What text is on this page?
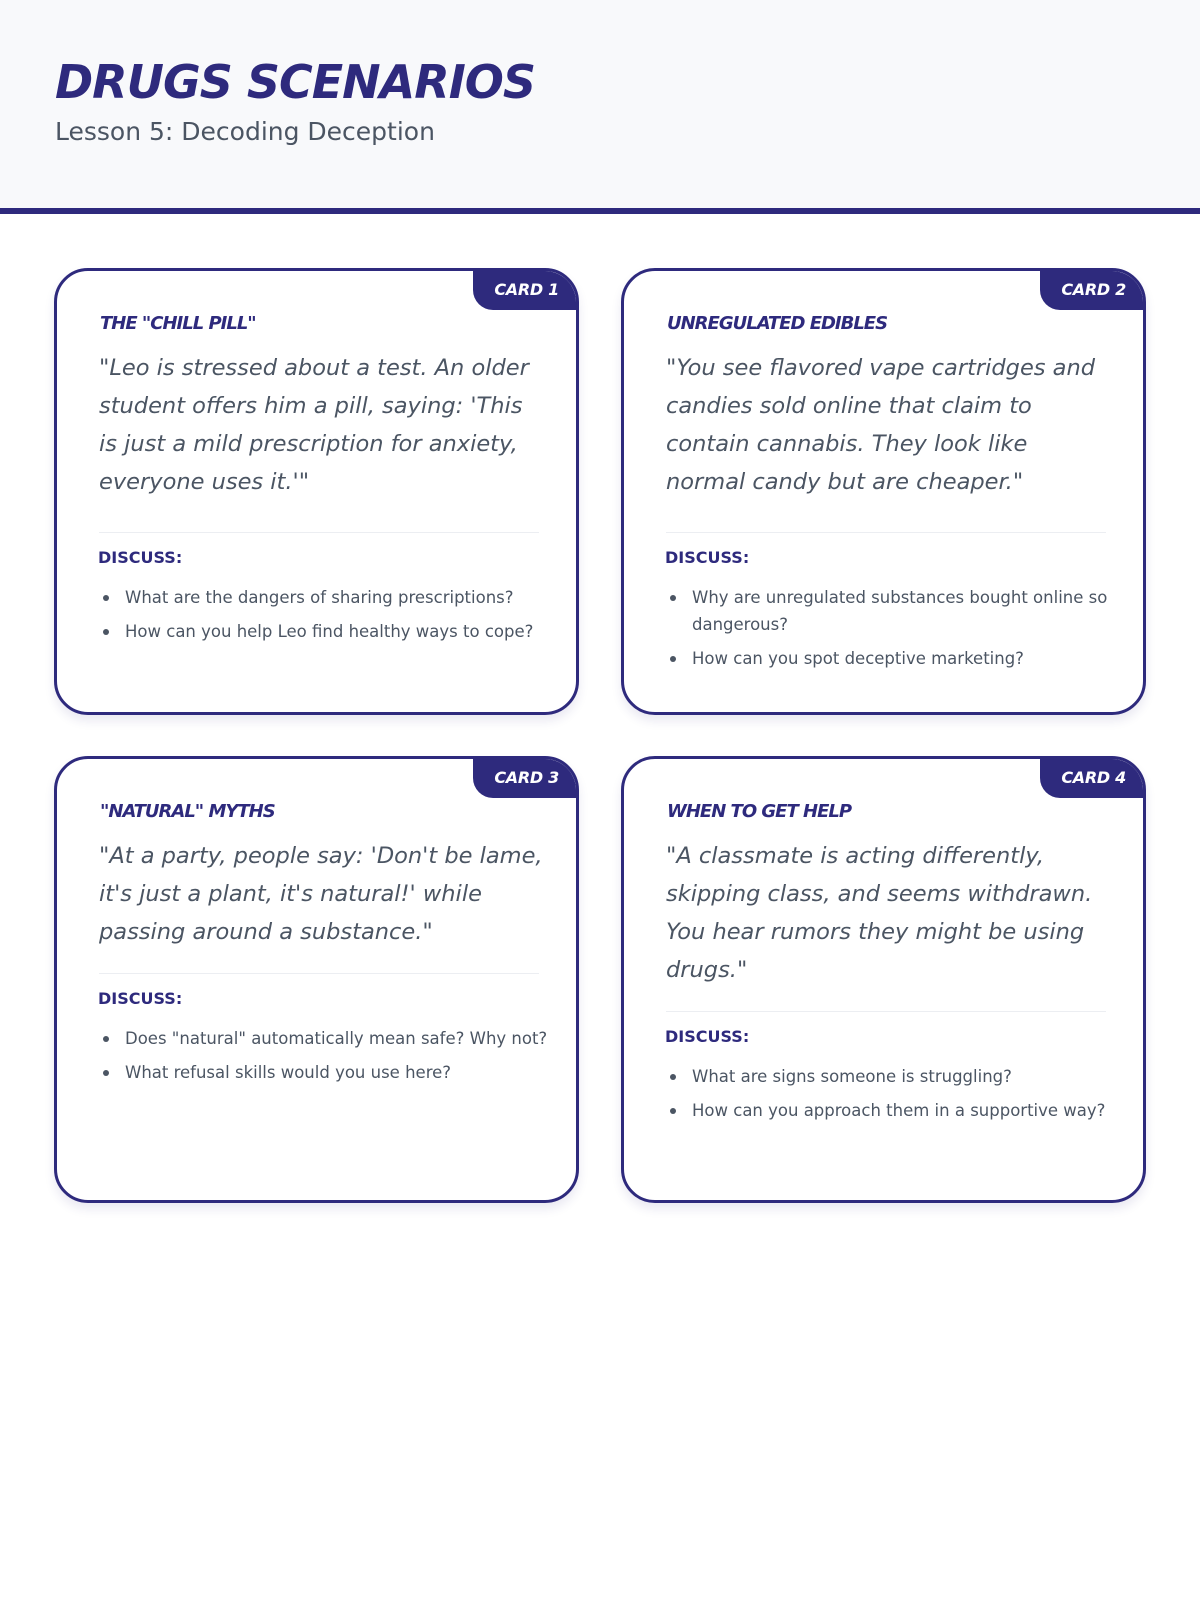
DRUGS SCENARIOS
Lesson 5: Decoding Deception
CARD 1
THE "CHILL PILL"
"Leo is stressed about a test. An older student offers him a pill, saying: 'This is just a mild prescription for anxiety, everyone uses it.'"
DISCUSS:
What are the dangers of sharing prescriptions?
How can you help Leo find healthy ways to cope?
CARD 2
UNREGULATED EDIBLES
"You see flavored vape cartridges and candies sold online that claim to contain cannabis. They look like normal candy but are cheaper."
DISCUSS:
Why are unregulated substances bought online so dangerous?
How can you spot deceptive marketing?
CARD 3
"NATURAL" MYTHS
"At a party, people say: 'Don't be lame, it's just a plant, it's natural!' while passing around a substance."
DISCUSS:
Does "natural" automatically mean safe? Why not?
What refusal skills would you use here?
CARD 4
WHEN TO GET HELP
"A classmate is acting differently, skipping class, and seems withdrawn. You hear rumors they might be using drugs."
DISCUSS:
What are signs someone is struggling?
How can you approach them in a supportive way?
